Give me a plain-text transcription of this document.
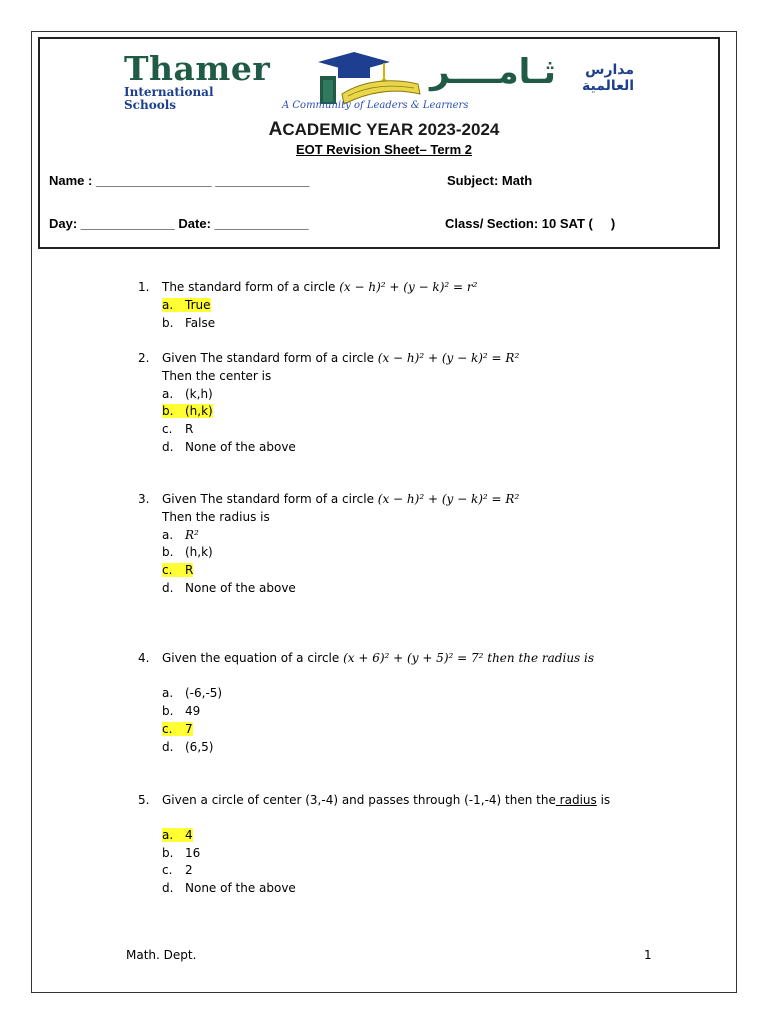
Thamer
International
Schools
ثـامــــر مدارس
العالمية
A Community of Leaders & Learners
ACADEMIC YEAR 2023-2024
EOT Revision Sheet– Term 2
Name : ________________ _____________	Subject: Math
Day: _____________ Date: _____________	Class/ Section: 10 SAT (     )
1. The standard form of a circle (x − h)² + (y − k)² = r²
a. True
b. False
2. Given The standard form of a circle (x − h)² + (y − k)² = R²
Then the center is
a. (k,h)
b. (h,k)
c. R
d. None of the above
3. Given The standard form of a circle (x − h)² + (y − k)² = R²
Then the radius is
a. R²
b. (h,k)
c. R
d. None of the above
4. Given the equation of a circle (x + 6)² + (y + 5)² = 7² then the radius is
a. (-6,-5)
b. 49
c. 7
d. (6,5)
5. Given a circle of center (3,-4) and passes through (-1,-4) then the radius is
a. 4
b. 16
c. 2
d. None of the above
Math. Dept.	1
